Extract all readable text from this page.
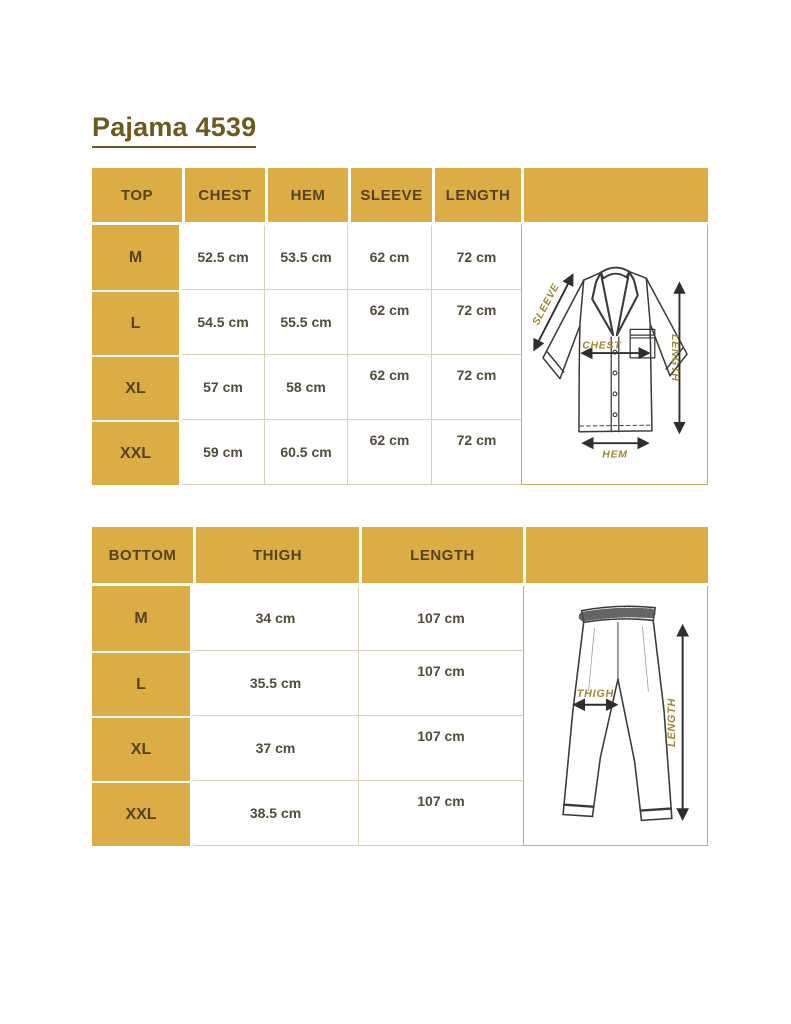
Pajama 4539
TOP	CHEST	HEM	SLEEVE	LENGTH	
M	52.5 cm	53.5 cm	62 cm	72 cm	CHEST
HEM
SLEEVE
LENGTH

L	54.5 cm	55.5 cm	62 cm	72 cm	
XL	57 cm	58 cm	62 cm	72 cm	
XXL	59 cm	60.5 cm	62 cm	72 cm	
BOTTOM	THIGH	LENGTH	
M	34 cm	107 cm	THIGH
LENGTH

L	35.5 cm	107 cm	
XL	37 cm	107 cm	
XXL	38.5 cm	107 cm	
